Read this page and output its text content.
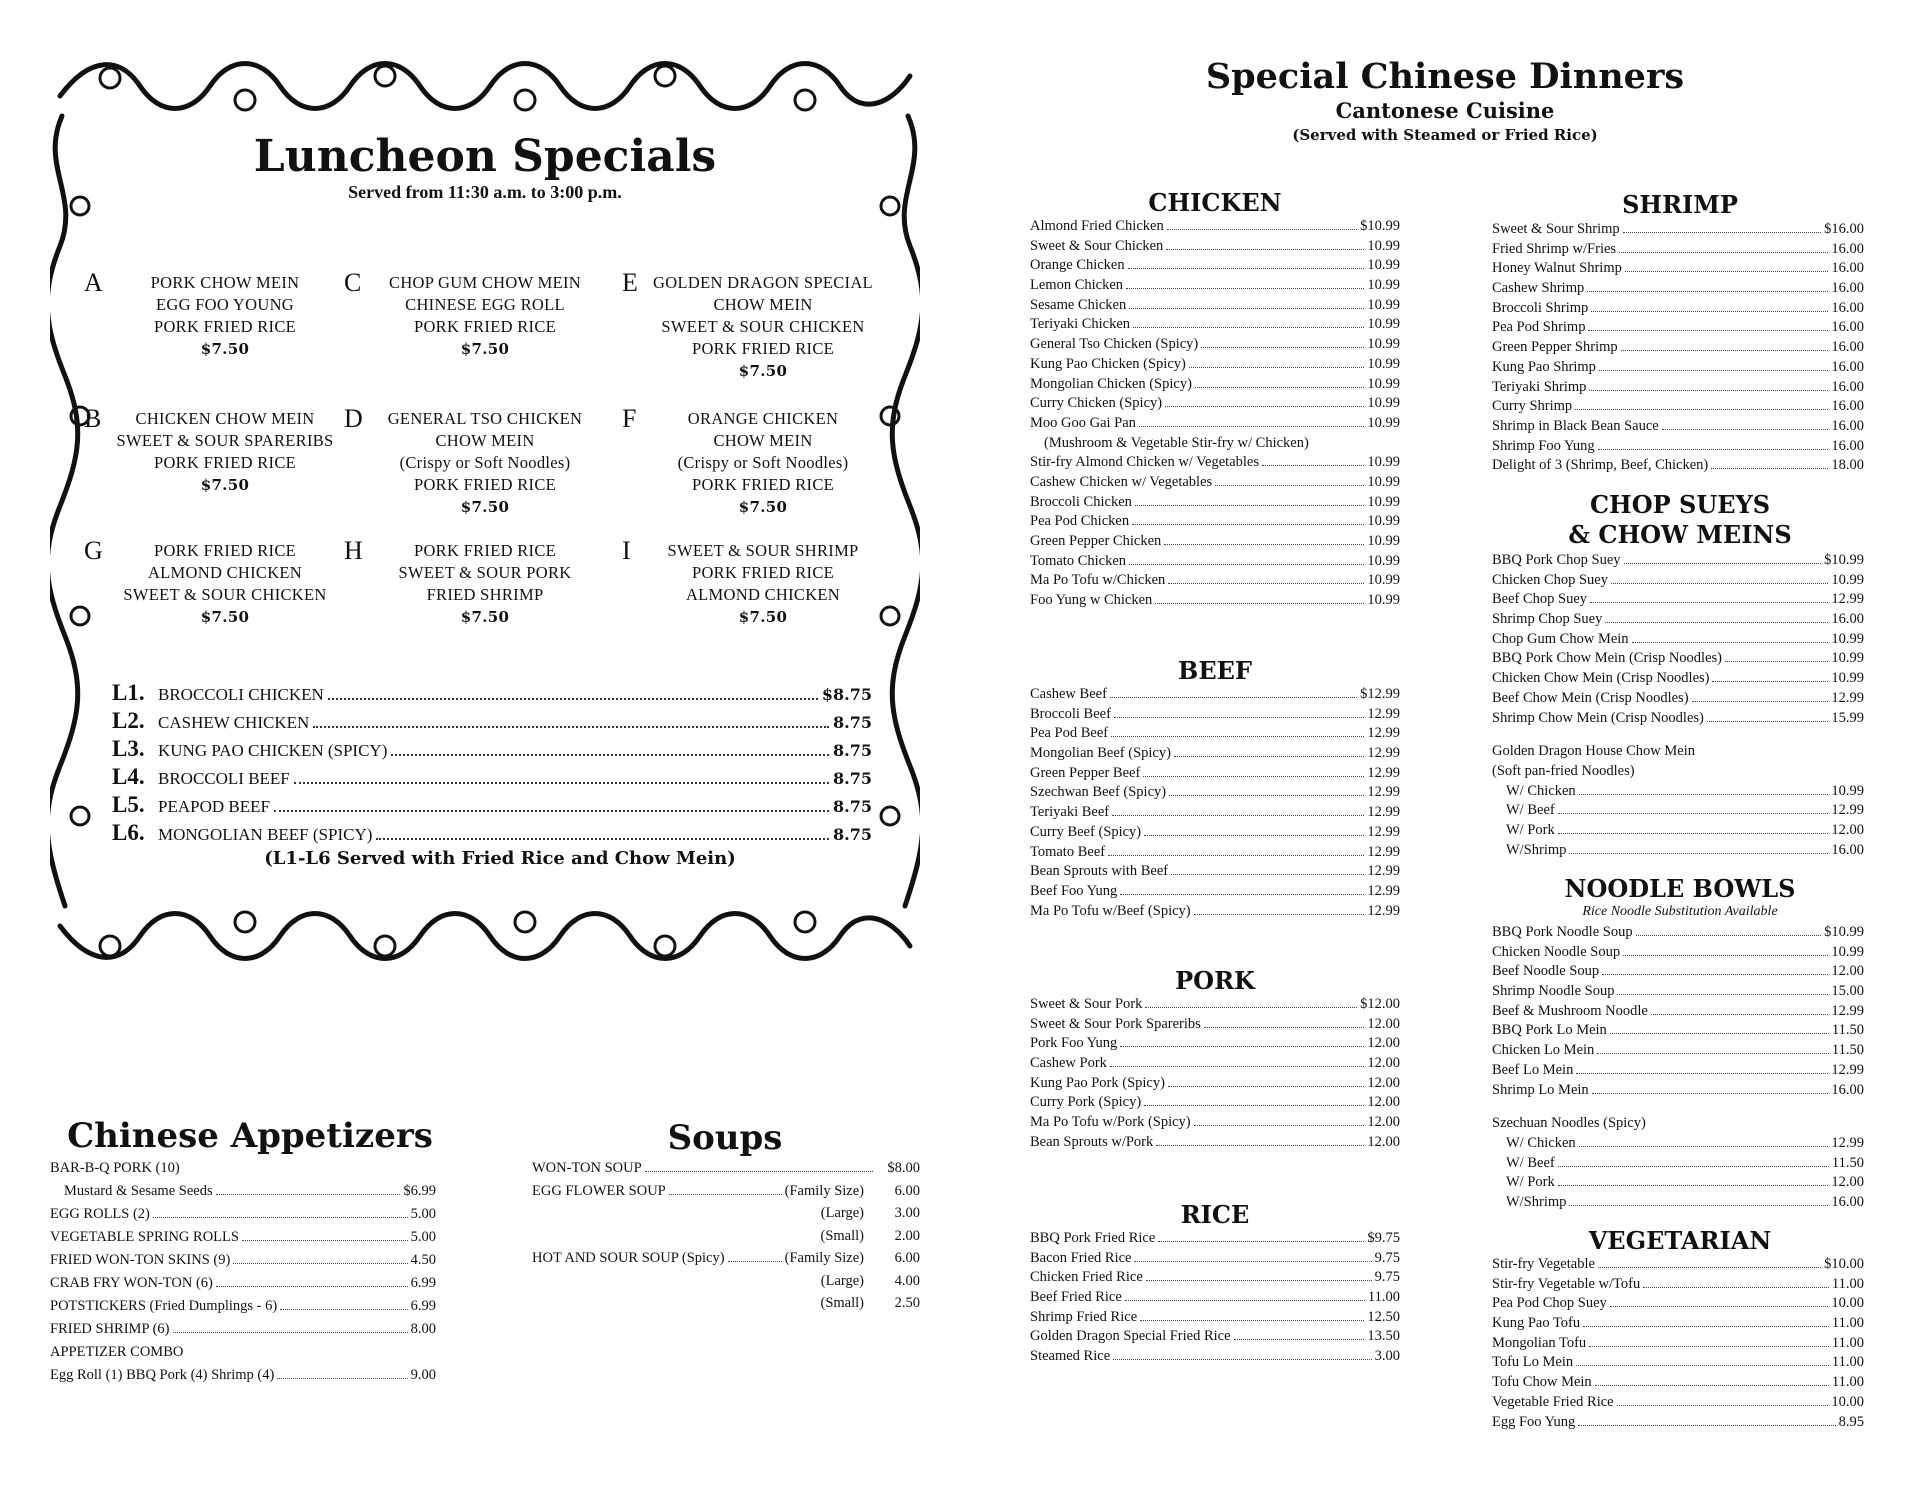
Luncheon Specials
Served from 11:30 a.m. to 3:00 p.m.
A	PORK CHOW MEIN
EGG FOO YOUNG
PORK FRIED RICE
$7.50
C	CHOP GUM CHOW MEIN
CHINESE EGG ROLL
PORK FRIED RICE
$7.50
E GOLDEN DRAGON SPECIAL
CHOW MEIN
SWEET & SOUR CHICKEN
PORK FRIED RICE
$7.50
B	CHICKEN CHOW MEIN
SWEET & SOUR SPARERIBS
PORK FRIED RICE
$7.50
D	GENERAL TSO CHICKEN
CHOW MEIN
(Crispy or Soft Noodles)
PORK FRIED RICE
$7.50
F	ORANGE CHICKEN
CHOW MEIN
(Crispy or Soft Noodles)
PORK FRIED RICE
$7.50
G	PORK FRIED RICE
ALMOND CHICKEN
SWEET & SOUR CHICKEN
$7.50
H	PORK FRIED RICE
SWEET & SOUR PORK
FRIED SHRIMP
$7.50
I	SWEET & SOUR SHRIMP
PORK FRIED RICE
ALMOND CHICKEN
$7.50
L1. BROCCOLI CHICKEN	$8.75
L2. CASHEW CHICKEN	8.75
L3. KUNG PAO CHICKEN (SPICY)	8.75
L4. BROCCOLI BEEF	8.75
L5. PEAPOD BEEF	8.75
L6. MONGOLIAN BEEF (SPICY)	8.75
(L1-L6 Served with Fried Rice and Chow Mein)
Chinese Appetizers
BAR-B-Q PORK (10)
Mustard & Sesame Seeds	$6.99
EGG ROLLS (2)	5.00
VEGETABLE SPRING ROLLS	5.00
FRIED WON-TON SKINS (9)	4.50
CRAB FRY WON-TON (6)	6.99
POTSTICKERS (Fried Dumplings - 6)	6.99
FRIED SHRIMP (6)	8.00
APPETIZER COMBO
Egg Roll (1) BBQ Pork (4) Shrimp (4)	9.00
Soups
WON-TON SOUP	$8.00
EGG FLOWER SOUP	(Family Size)	6.00
(Large)	3.00
(Small)	2.00
HOT AND SOUR SOUP (Spicy)	(Family Size)	6.00
(Large)	4.00
(Small)	2.50
Special Chinese Dinners
Cantonese Cuisine
(Served with Steamed or Fried Rice)
CHICKEN
Almond Fried Chicken	$10.99
Sweet & Sour Chicken	10.99
Orange Chicken	10.99
Lemon Chicken	10.99
Sesame Chicken	10.99
Teriyaki Chicken	10.99
General Tso Chicken (Spicy)	10.99
Kung Pao Chicken (Spicy)	10.99
Mongolian Chicken (Spicy)	10.99
Curry Chicken (Spicy)	10.99
Moo Goo Gai Pan	10.99
(Mushroom & Vegetable Stir-fry w/ Chicken)
Stir-fry Almond Chicken w/ Vegetables	10.99
Cashew Chicken w/ Vegetables	10.99
Broccoli Chicken	10.99
Pea Pod Chicken	10.99
Green Pepper Chicken	10.99
Tomato Chicken	10.99
Ma Po Tofu w/Chicken	10.99
Foo Yung w Chicken	10.99
BEEF
Cashew Beef	$12.99
Broccoli Beef	12.99
Pea Pod Beef	12.99
Mongolian Beef (Spicy)	12.99
Green Pepper Beef	12.99
Szechwan Beef (Spicy)	12.99
Teriyaki Beef	12.99
Curry Beef (Spicy)	12.99
Tomato Beef	12.99
Bean Sprouts with Beef	12.99
Beef Foo Yung	12.99
Ma Po Tofu w/Beef (Spicy)	12.99
PORK
Sweet & Sour Pork	$12.00
Sweet & Sour Pork Spareribs	12.00
Pork Foo Yung	12.00
Cashew Pork	12.00
Kung Pao Pork (Spicy)	12.00
Curry Pork (Spicy)	12.00
Ma Po Tofu w/Pork (Spicy)	12.00
Bean Sprouts w/Pork	12.00
RICE
BBQ Pork Fried Rice	$9.75
Bacon Fried Rice	9.75
Chicken Fried Rice	9.75
Beef Fried Rice	11.00
Shrimp Fried Rice	12.50
Golden Dragon Special Fried Rice	13.50
Steamed Rice	3.00
SHRIMP
Sweet & Sour Shrimp	$16.00
Fried Shrimp w/Fries	16.00
Honey Walnut Shrimp	16.00
Cashew Shrimp	16.00
Broccoli Shrimp	16.00
Pea Pod Shrimp	16.00
Green Pepper Shrimp	16.00
Kung Pao Shrimp	16.00
Teriyaki Shrimp	16.00
Curry Shrimp	16.00
Shrimp in Black Bean Sauce	16.00
Shrimp Foo Yung	16.00
Delight of 3 (Shrimp, Beef, Chicken)	18.00
CHOP SUEYS
& CHOW MEINS
BBQ Pork Chop Suey	$10.99
Chicken Chop Suey	10.99
Beef Chop Suey	12.99
Shrimp Chop Suey	16.00
Chop Gum Chow Mein	10.99
BBQ Pork Chow Mein (Crisp Noodles)	10.99
Chicken Chow Mein (Crisp Noodles)	10.99
Beef Chow Mein (Crisp Noodles)	12.99
Shrimp Chow Mein (Crisp Noodles)	15.99
Golden Dragon House Chow Mein
(Soft pan-fried Noodles)
W/ Chicken	10.99
W/ Beef	12.99
W/ Pork	12.00
W/Shrimp	16.00
NOODLE BOWLS
Rice Noodle Substitution Available
BBQ Pork Noodle Soup	$10.99
Chicken Noodle Soup	10.99
Beef Noodle Soup	12.00
Shrimp Noodle Soup	15.00
Beef & Mushroom Noodle	12.99
BBQ Pork Lo Mein	11.50
Chicken Lo Mein	11.50
Beef Lo Mein	12.99
Shrimp Lo Mein	16.00
Szechuan Noodles (Spicy)
W/ Chicken	12.99
W/ Beef	11.50
W/ Pork	12.00
W/Shrimp	16.00
VEGETARIAN
Stir-fry Vegetable	$10.00
Stir-fry Vegetable w/Tofu	11.00
Pea Pod Chop Suey	10.00
Kung Pao Tofu	11.00
Mongolian Tofu	11.00
Tofu Lo Mein	11.00
Tofu Chow Mein	11.00
Vegetable Fried Rice	10.00
Egg Foo Yung	8.95
